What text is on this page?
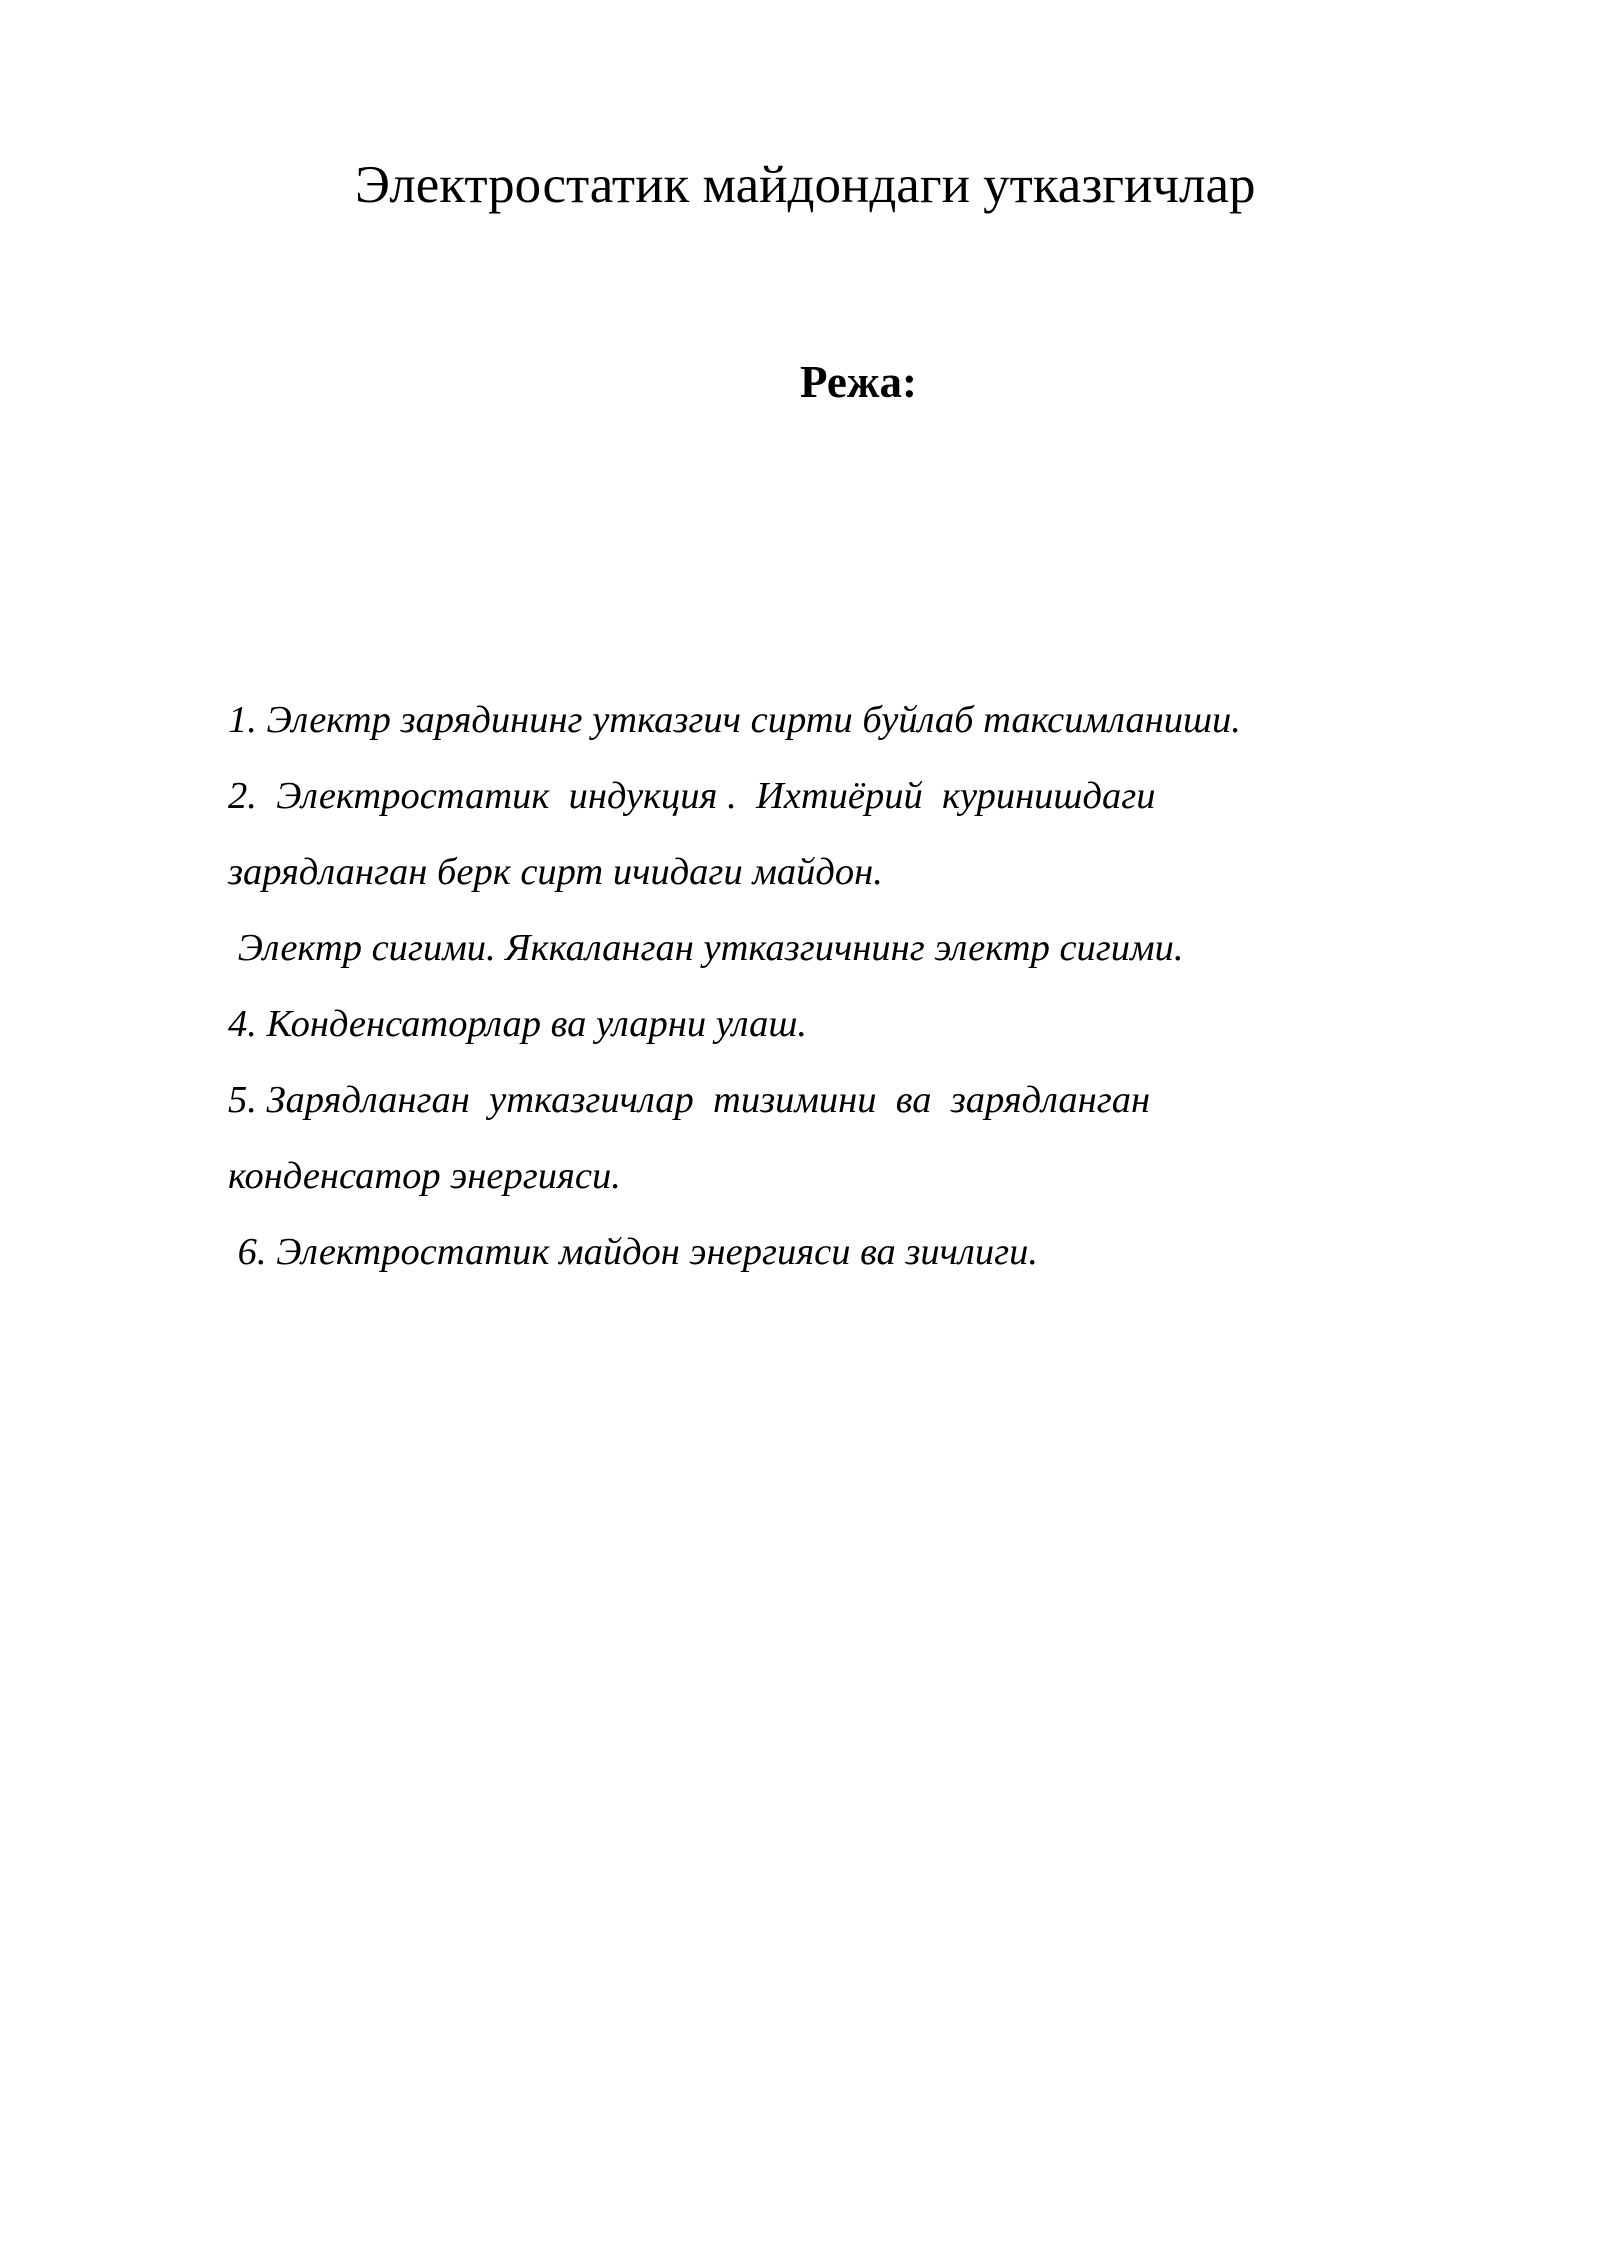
Электростатик майдондаги утказгичлар
Режа:
1. Электр зарядининг утказгич сирти буйлаб таксимланиши.
2.  Электростатик  индукция .  Ихтиёрий  куринишдаги
зарядланган берк сирт ичидаги майдон.
Электр сигими. Яккаланган утказгичнинг электр сигими.
4. Конденсаторлар ва уларни улаш.
5. Зарядланган  утказгичлар  тизимини  ва  зарядланган
конденсатор энергияси.
6. Электростатик майдон энергияси ва зичлиги.
